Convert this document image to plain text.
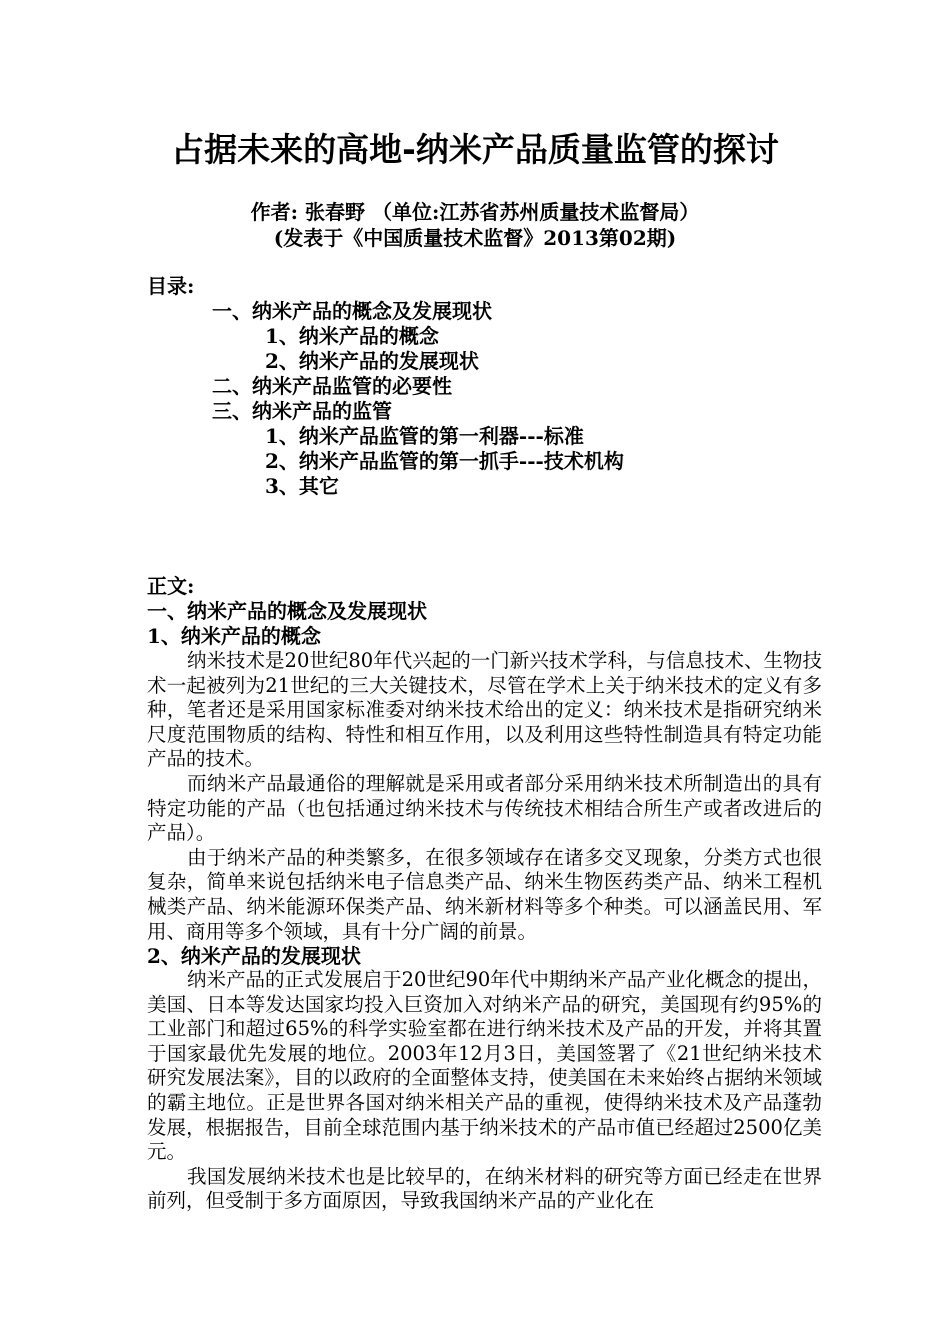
占据未来的高地-纳米产品质量监管的探讨
作者: 张春野 （单位:江苏省苏州质量技术监督局）
(发表于《中国质量技术监督》2013第02期)
目录:
一、纳米产品的概念及发展现状
1、纳米产品的概念
2、纳米产品的发展现状
二、纳米产品监管的必要性
三、纳米产品的监管
1、纳米产品监管的第一利器---标准
2、纳米产品监管的第一抓手---技术机构
3、其它
正文:
一、纳米产品的概念及发展现状
1、纳米产品的概念

纳米技术是20世纪80年代兴起的一门新兴技术学科，与信息技术、生物技术一起被列为21世纪的三大关键技术，尽管在学术上关于纳米技术的定义有多种，笔者还是采用国家标准委对纳米技术给出的定义：纳米技术是指研究纳米尺度范围物质的结构、特性和相互作用，以及利用这些特性制造具有特定功能产品的技术。

而纳米产品最通俗的理解就是采用或者部分采用纳米技术所制造出的具有特定功能的产品（也包括通过纳米技术与传统技术相结合所生产或者改进后的产品）。

由于纳米产品的种类繁多，在很多领域存在诸多交叉现象，分类方式也很复杂，简单来说包括纳米电子信息类产品、纳米生物医药类产品、纳米工程机械类产品、纳米能源环保类产品、纳米新材料等多个种类。可以涵盖民用、军用、商用等多个领域，具有十分广阔的前景。

2、纳米产品的发展现状

纳米产品的正式发展启于20世纪90年代中期纳米产品产业化概念的提出，美国、日本等发达国家均投入巨资加入对纳米产品的研究，美国现有约95%的工业部门和超过65%的科学实验室都在进行纳米技术及产品的开发，并将其置于国家最优先发展的地位。2003年12月3日，美国签署了《21世纪纳米技术研究发展法案》，目的以政府的全面整体支持，使美国在未来始终占据纳米领域的霸主地位。正是世界各国对纳米相关产品的重视，使得纳米技术及产品蓬勃发展，根据报告，目前全球范围内基于纳米技术的产品市值已经超过2500亿美元。

我国发展纳米技术也是比较早的，在纳米材料的研究等方面已经走在世界前列，但受制于多方面原因，导致我国纳米产品的产业化在
